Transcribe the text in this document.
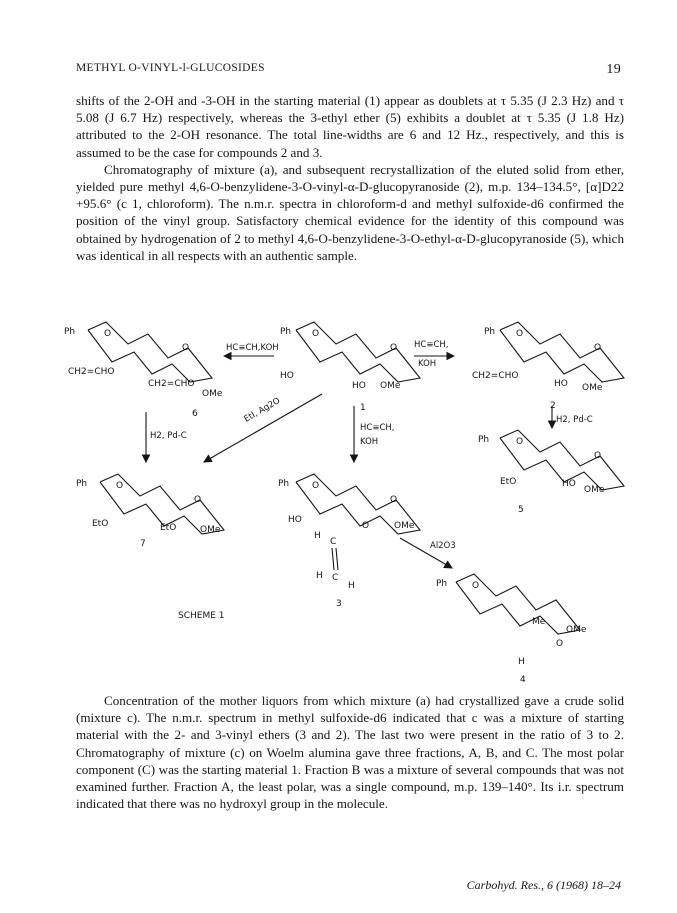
METHYL O-VINYL-l-GLUCOSIDES	19

shifts of the 2-OH and -3-OH in the starting material (1) appear as doublets at τ 5.35 (J 2.3 Hz) and τ 5.08 (J 6.7 Hz) respectively, whereas the 3-ethyl ether (5) exhibits a doublet at τ 5.35 (J 1.8 Hz) attributed to the 2-OH resonance. The total line-widths are 6 and 12 Hz., respectively, and this is assumed to be the case for compounds 2 and 3.

Chromatography of mixture (a), and subsequent recrystallization of the eluted solid from ether, yielded pure methyl 4,6-O-benzylidene-3-O-vinyl-α-D-glucopyranoside (2), m.p. 134–134.5°, [α]D22 +95.6° (c 1, chloroform). The n.m.r. spectra in chloroform-d and methyl sulfoxide-d6 confirmed the position of the vinyl group. Satisfactory chemical evidence for the identity of this compound was obtained by hydrogenation of 2 to methyl 4,6-O-benzylidene-3-O-ethyl-α-D-glucopyranoside (5), which was identical in all respects with an authentic sample.

Ph	O
CH2=CHO
CH2=CHO
OMe
O
6
HC≡CH,KOH
Ph O
HO
HO OMe
O
1
HC≡CH,
KOH
Ph O
CH2=CHO
HO OMe
O
2
H2, Pd-C
EtI, Ag2O
HC≡CH,
KOH
H2, Pd-C
Ph	O
EtO	EtO	OMe
O
7
Ph	O
EtO	HO
OMe
O
5
Ph	O
HO
O	OMe
O
H
C
C
H
H
3
Al2O3
Ph	O
Me
OMe
O
H
4
SCHEME 1

Concentration of the mother liquors from which mixture (a) had crystallized gave a crude solid (mixture c). The n.m.r. spectrum in methyl sulfoxide-d6 indicated that c was a mixture of starting material with the 2- and 3-vinyl ethers (3 and 2). The last two were present in the ratio of 3 to 2. Chromatography of mixture (c) on Woelm alumina gave three fractions, A, B, and C. The most polar component (C) was the starting material 1. Fraction B was a mixture of several compounds that was not examined further. Fraction A, the least polar, was a single compound, m.p. 139–140°. Its i.r. spectrum indicated that there was no hydroxyl group in the molecule.

Carbohyd. Res., 6 (1968) 18–24
